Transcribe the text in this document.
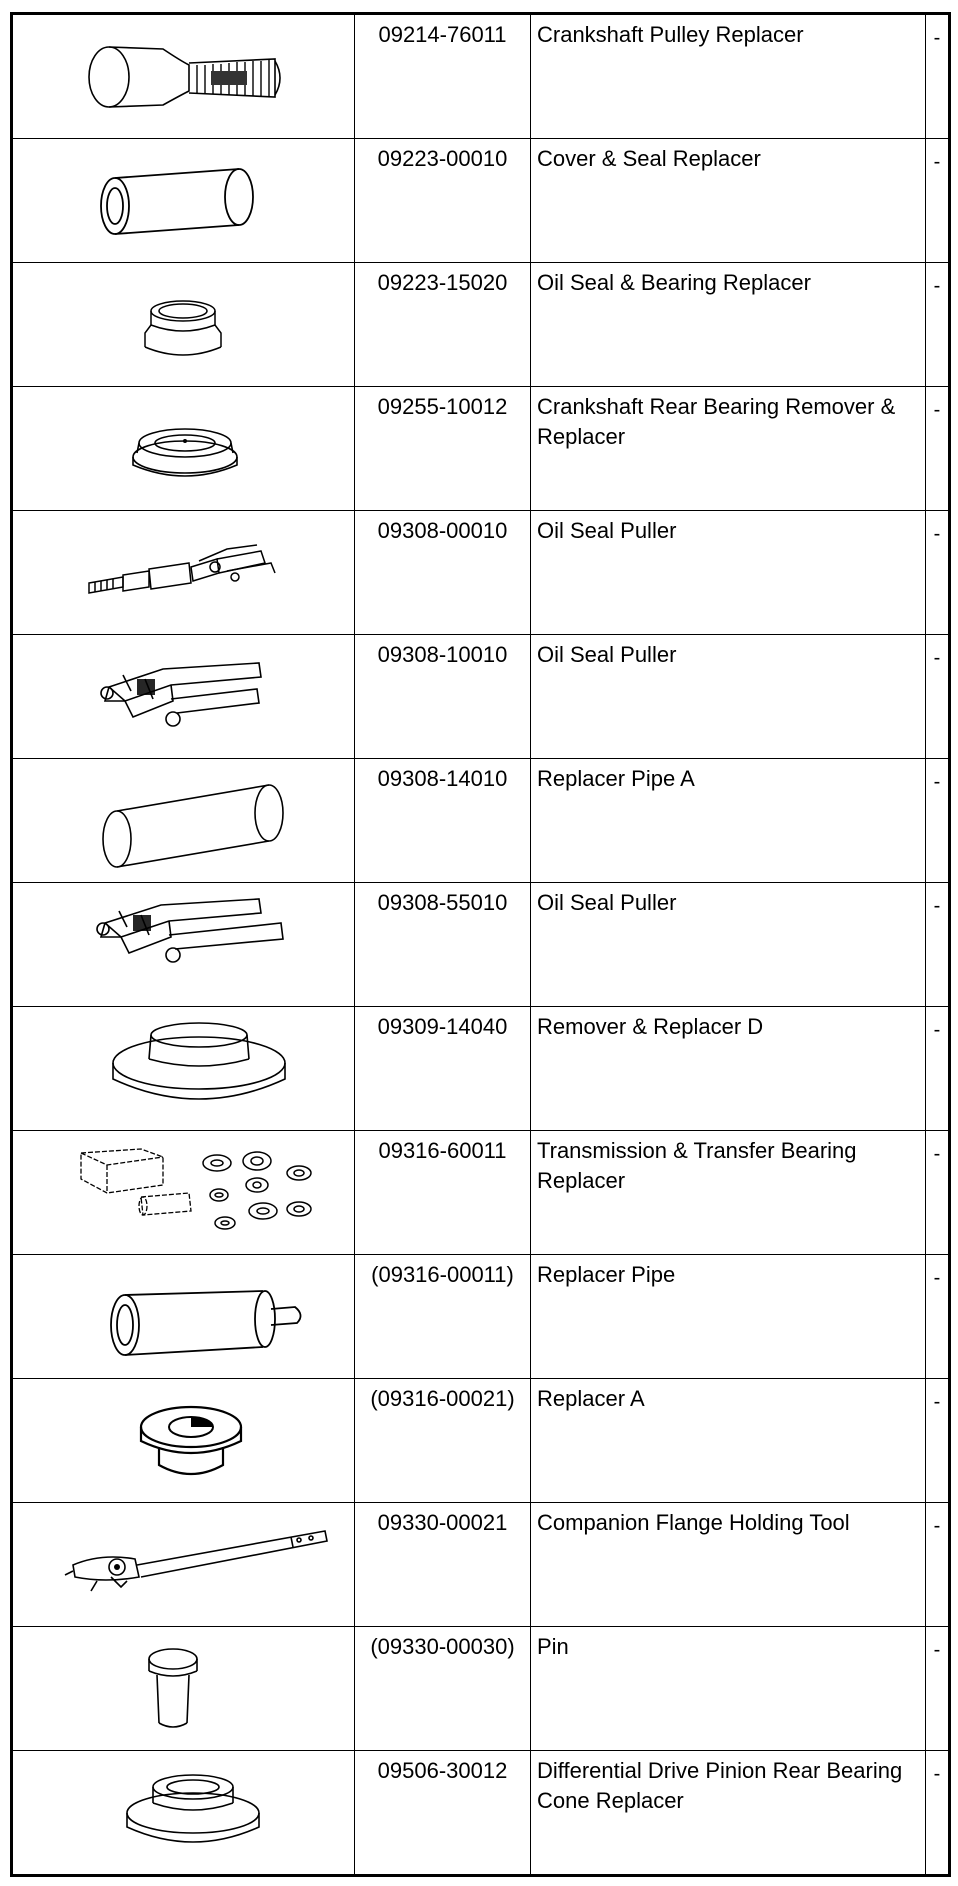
	09214-76011	Crankshaft Pulley Replacer	-

	09223-00010	Cover & Seal Replacer	-

	09223-15020	Oil Seal & Bearing Replacer	-

	09255-10012	Crankshaft Rear Bearing Remover & Replacer	-

	09308-00010	Oil Seal Puller	-

	09308-10010	Oil Seal Puller	-

	09308-14010	Replacer Pipe A	-

	09308-55010	Oil Seal Puller	-

	09309-14040	Remover & Replacer D	-

	09316-60011	Transmission & Transfer Bearing Replacer	-

	(09316-00011)	Replacer Pipe	-

	(09316-00021)	Replacer A	-

	09330-00021	Companion Flange Holding Tool	-

	(09330-00030)	Pin	-

	09506-30012	Differential Drive Pinion Rear Bearing Cone Replacer	-
